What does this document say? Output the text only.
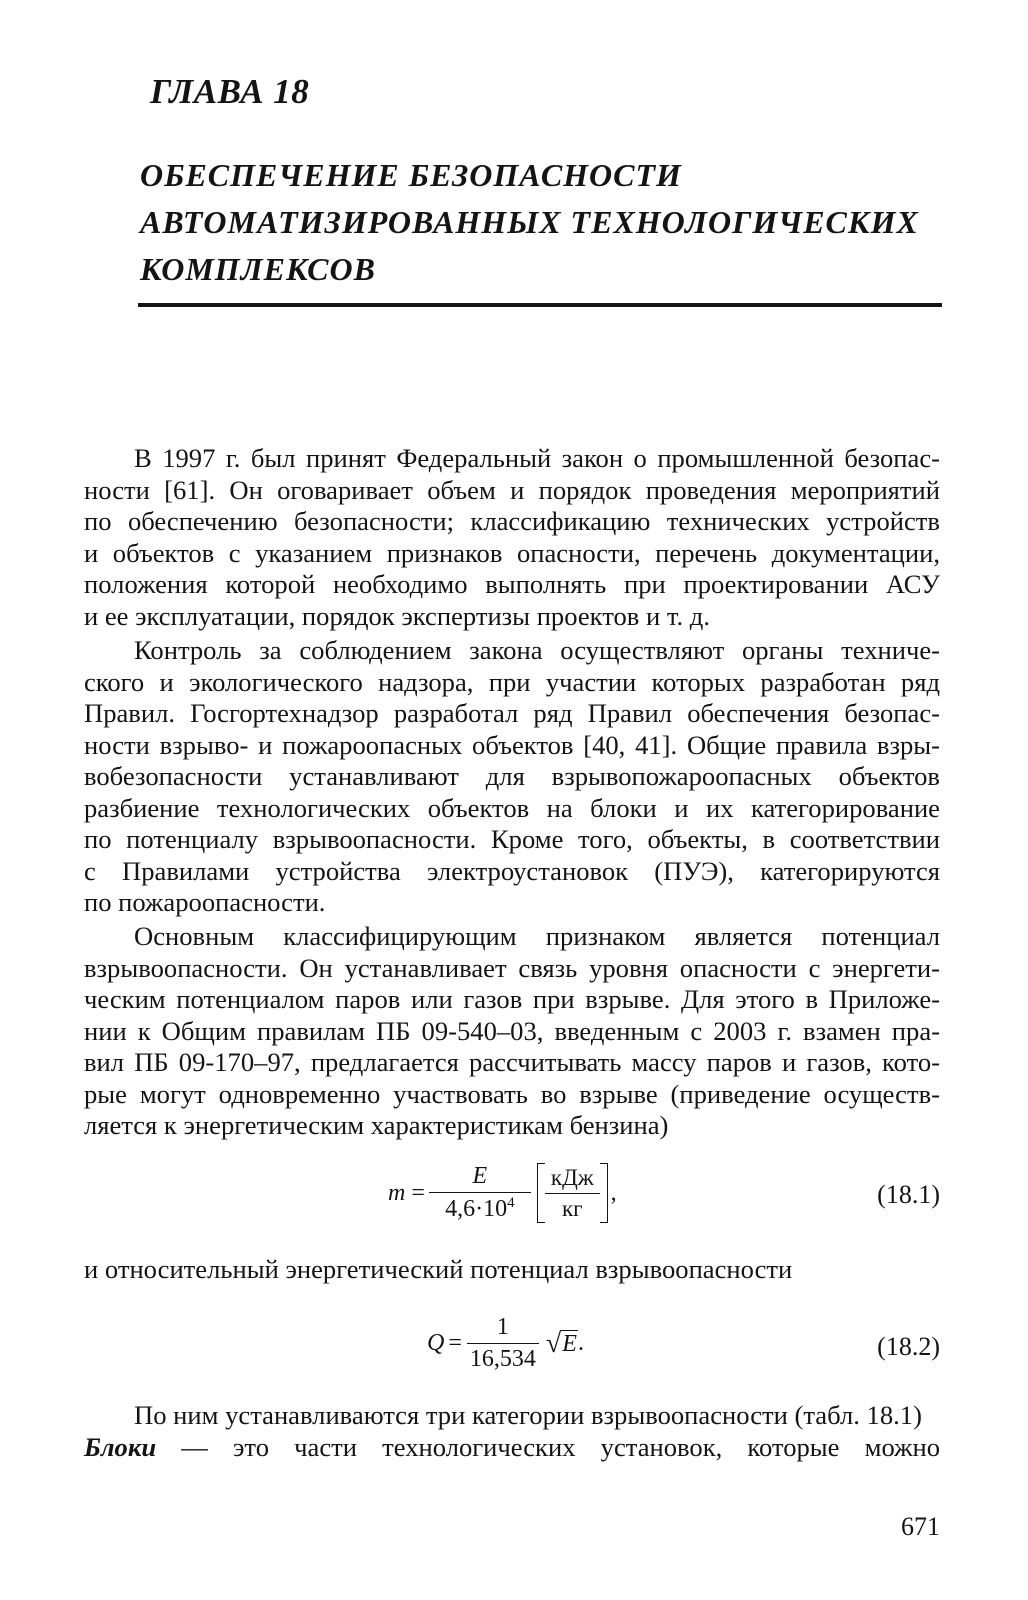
ГЛАВА 18
ОБЕСПЕЧЕНИЕ БЕЗОПАСНОСТИ
АВТОМАТИЗИРОВАННЫХ ТЕХНОЛОГИЧЕСКИХ
КОМПЛЕКСОВ

В 1997 г. был принят Федеральный закон о промышленной безопас-
ности [61]. Он оговаривает объем и порядок проведения мероприятий
по обеспечению безопасности; классификацию технических устройств
и объектов с указанием признаков опасности, перечень документации,
положения которой необходимо выполнять при проектировании АСУ
и ее эксплуатации, порядок экспертизы проектов и т. д.

Контроль за соблюдением закона осуществляют органы техниче-
ского и экологического надзора, при участии которых разработан ряд
Правил. Госгортехнадзор разработал ряд Правил обеспечения безопас-
ности взрыво- и пожароопасных объектов [40, 41]. Общие правила взры-
вобезопасности устанавливают для взрывопожароопасных объектов
разбиение технологических объектов на блоки и их категорирование
по потенциалу взрывоопасности. Кроме того, объекты, в соответствии
с Правилами устройства электроустановок (ПУЭ), категорируются
по пожароопасности.

Основным классифицирующим признаком является потенциал
взрывоопасности. Он устанавливает связь уровня опасности с энергети-
ческим потенциалом паров или газов при взрыве. Для этого в Приложе-
нии к Общим правилам ПБ 09-540–03, введенным с 2003 г. взамен пра-
вил ПБ 09-170–97, предлагается рассчитывать массу паров и газов, кото-
рые могут одновременно участвовать во взрыве (приведение осуществ-
ляется к энергетическим характеристикам бензина)

$m = \frac{E}{4,6\cdot 10^4} \frac{\text{кДж}}{кг}$ ,	(18.1)

и относительный энергетический потенциал взрывоопасности

$Q = \frac{1}{16,534}$ √ E .	(18.2)

По ним устанавливаются три категории взрывоопасности (табл. 18.1)
Блоки — это части технологических установок, которые можно

671
